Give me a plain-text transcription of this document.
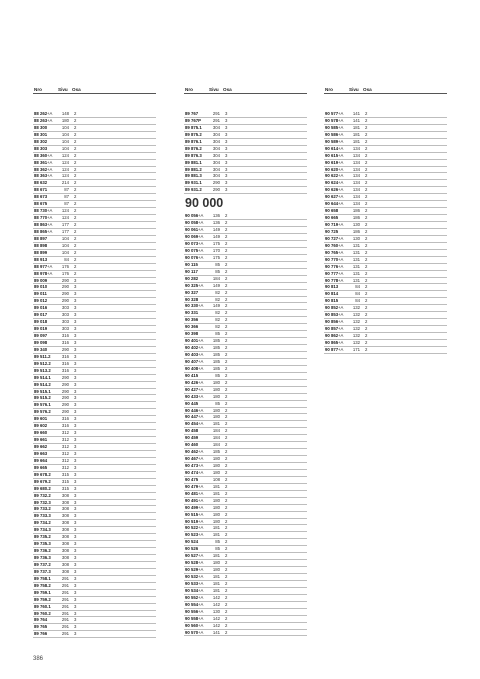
Nro	Sivu Osa
88 262 +A	148 2
88 263 +A	180 2
88 300	104 2
88 301	104 2
88 302	104 2
88 303	104 2
88 360 +A	124 2
88 361 +A	124 2
88 362 +A	124 2
88 363 +A	124 2
88 632	214 2
88 671	87 2
88 673	87 2
88 675	87 2
88 730 +A	124 2
88 770 +A	124 2
88 863 +A	177 2
88 865 +A	177 2
88 897	104 2
88 898	104 2
88 899	104 2
88 913	84 2
88 977 +A	176 2
88 978 +A	176 2
89 009	290 3
89 010	290 3
89 011	290 3
89 012	290 3
89 016	303 3
89 017	303 3
89 018	303 3
89 019	303 3
89 097	316 3
89 098	316 3
89 340	290 3
89 511.2	316 3
89 512.2	316 3
89 513.2	316 3
89 514.1	290 3
89 514.2	290 3
89 515.1	290 3
89 515.2	290 3
89 576.1	290 3
89 576.2	290 3
89 601	316 3
89 602	316 3
89 660	312 3
89 661	312 3
89 662	312 3
89 663	312 3
89 664	312 3
89 665	312 3
89 678.2	315 3
89 679.2	315 3
89 680.2	315 3
89 732.2	308 3
89 732.3	308 3
89 733.2	308 3
89 733.3	308 3
89 734.2	308 3
89 734.3	308 3
89 735.2	308 3
89 735.3	308 3
89 736.2	308 3
89 736.3	308 3
89 737.2	308 3
89 737.3	308 3
89 758.1	291 3
89 758.2	291 3
89 759.1	291 3
89 759.2	291 3
89 760.1	291 3
89 760.2	291 3
89 764	291 3
89 765	291 3
89 766	291 3
Nro	Sivu Osa
89 767	291 3
89 767P	291 3
89 875.1	304 3
89 875.2	304 3
89 876.1	304 3
89 876.2	304 3
89 876.3	304 3
89 881.1	304 3
89 881.2	304 3
89 881.3	304 3
89 931.1	290 3
89 931.2	290 3
90 000
90 056 +A	136 2
90 058 +A	136 2
90 061 +A	149 2
90 069 +A	149 2
90 073 +A	175 2
90 075 +A	170 2
90 076 +A	175 2
90 115	85 2
90 117	85 2
90 282	184 2
90 325 +A	149 2
90 327	82 2
90 328	82 2
90 330 +A	149 2
90 331	82 2
90 356	82 2
90 366	82 2
90 398	85 2
90 401 +A	185 2
90 402 +A	185 2
90 403 +A	185 2
90 407 +A	185 2
90 408 +A	185 2
90 415	85 2
90 426 +A	180 2
90 427 +A	180 2
90 433 +A	180 2
90 445	85 2
90 446 +A	180 2
90 447 +A	180 2
90 454 +A	181 2
90 458	184 2
90 459	184 2
90 460	184 2
90 462 +A	185 2
90 467 +A	180 2
90 473 +A	180 2
90 474 +A	180 2
90 475	108 2
90 479 +A	181 2
90 481 +A	181 2
90 491 +A	180 2
90 499 +A	180 2
90 515 +A	180 2
90 519 +A	180 2
90 522 +A	181 2
90 523 +A	181 2
90 524	85 2
90 526	85 2
90 527 +A	181 2
90 528 +A	180 2
90 529 +A	180 2
90 532 +A	181 2
90 533 +A	181 2
90 534 +A	181 2
90 552 +A	142 2
90 554 +A	142 2
90 556 +A	130 2
90 558 +A	142 2
90 560 +A	142 2
90 570 +A	141 2
Nro	Sivu Osa
90 577 +A	141 2
90 578 +A	141 2
90 585 +A	181 2
90 586 +A	181 2
90 589 +A	181 2
90 614 +A	134 2
90 615 +A	134 2
90 619 +A	134 2
90 620 +A	134 2
90 622 +A	134 2
90 624 +A	134 2
90 626 +A	134 2
90 627 +A	134 2
90 644 +A	134 2
90 658	186 2
90 665	186 2
90 719 +A	130 2
90 725	186 2
90 727 +A	130 2
90 760 +A	131 2
90 765 +A	131 2
90 770 +A	131 2
90 776 +A	131 2
90 777 +A	131 2
90 778 +A	131 2
90 813	84 2
90 814	84 2
90 815	84 2
90 852 +A	132 2
90 853 +A	132 2
90 856 +A	132 2
90 857 +A	132 2
90 862 +A	132 2
90 865 +A	132 2
90 877 +A	171 2
386
